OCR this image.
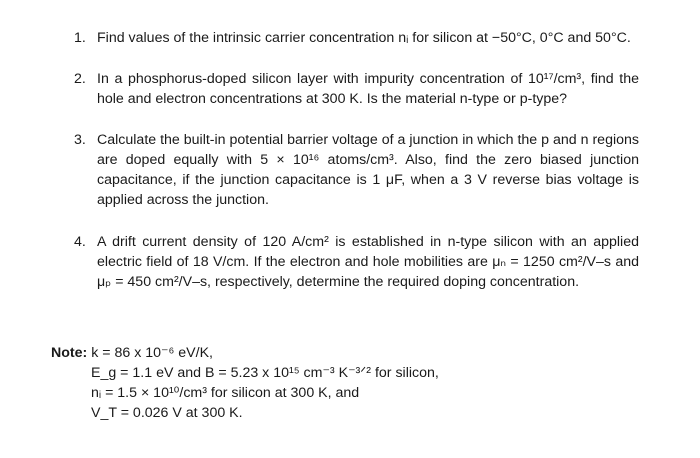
1. Find values of the intrinsic carrier concentration nᵢ for silicon at −50°C, 0°C and 50°C.
2. In a phosphorus-doped silicon layer with impurity concentration of 10¹⁷/cm³, find the hole and electron concentrations at 300 K. Is the material n-type or p-type?
3. Calculate the built-in potential barrier voltage of a junction in which the p and n regions are doped equally with 5 × 10¹⁶ atoms/cm³. Also, find the zero biased junction capacitance, if the junction capacitance is 1 μF, when a 3 V reverse bias voltage is applied across the junction.
4. A drift current density of 120 A/cm² is established in n-type silicon with an applied electric field of 18 V/cm. If the electron and hole mobilities are μₙ = 1250 cm²/V–s and μₚ = 450 cm²/V–s, respectively, determine the required doping concentration.
Note: k = 86 x 10⁻⁶ eV/K,
E_g = 1.1 eV and B = 5.23 x 10¹⁵ cm⁻³ K⁻³ᐟ² for silicon,
nᵢ = 1.5 × 10¹⁰/cm³ for silicon at 300 K, and
V_T = 0.026 V at 300 K.
